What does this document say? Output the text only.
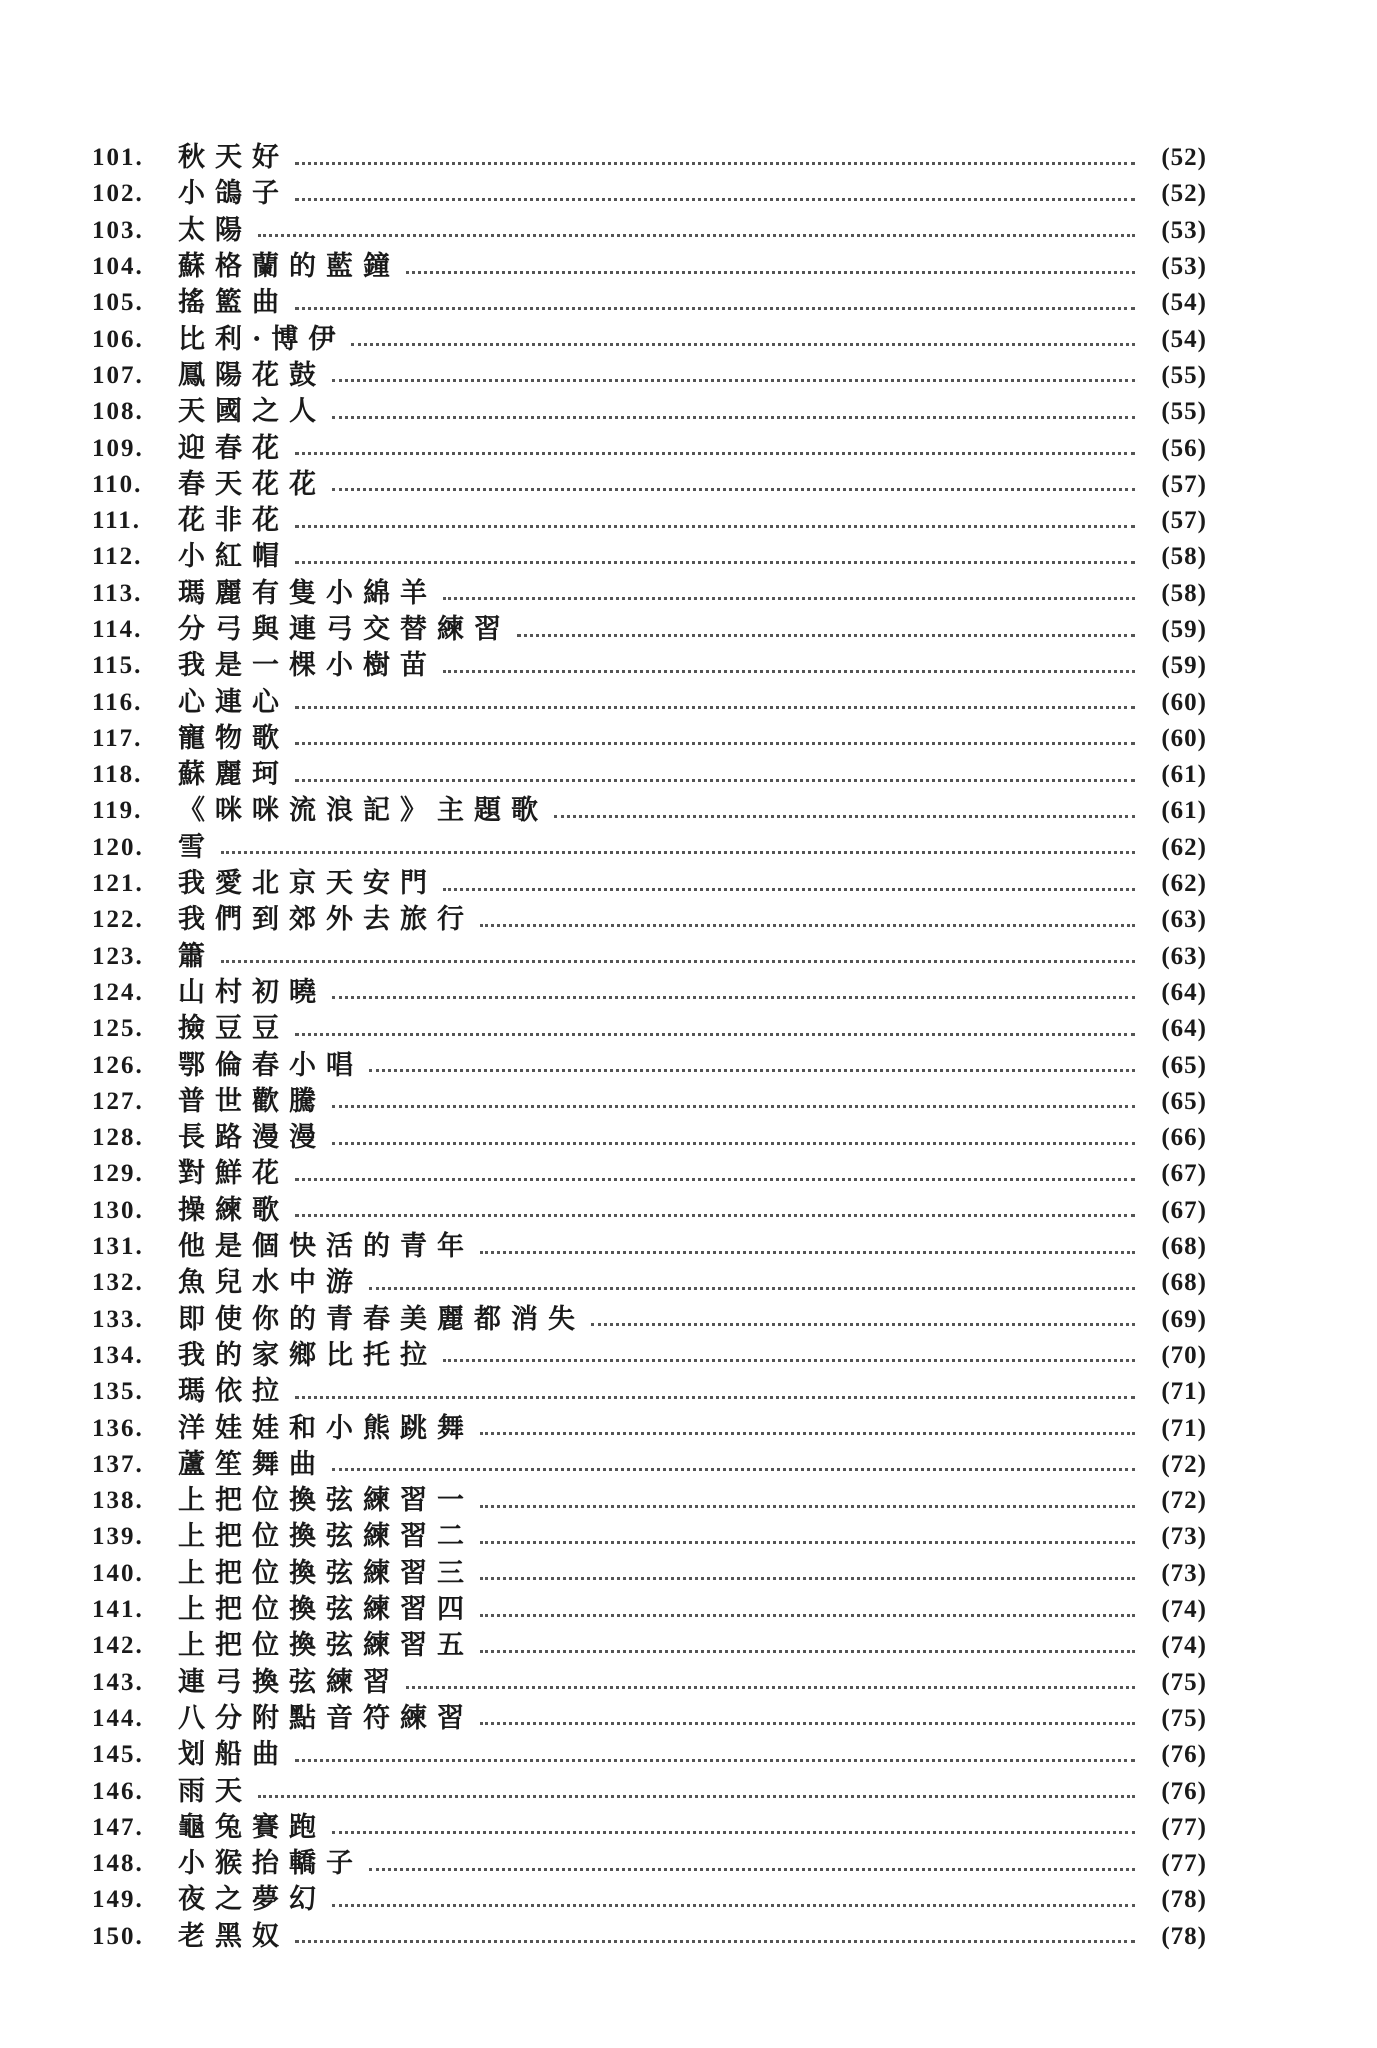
101.	秋天好	(52)
102.	小鴿子	(52)
103.	太陽	(53)
104.	蘇格蘭的藍鐘	(53)
105.	搖籃曲	(54)
106.	比利·博伊	(54)
107.	鳳陽花鼓	(55)
108.	天國之人	(55)
109.	迎春花	(56)
110.	春天花花	(57)
111.	花非花	(57)
112.	小紅帽	(58)
113.	瑪麗有隻小綿羊	(58)
114.	分弓與連弓交替練習	(59)
115.	我是一棵小樹苗	(59)
116.	心連心	(60)
117.	寵物歌	(60)
118.	蘇麗珂	(61)
119.	《咪咪流浪記》主題歌	(61)
120.	雪	(62)
121.	我愛北京天安門	(62)
122.	我們到郊外去旅行	(63)
123.	簫	(63)
124.	山村初曉	(64)
125.	撿豆豆	(64)
126.	鄂倫春小唱	(65)
127.	普世歡騰	(65)
128.	長路漫漫	(66)
129.	對鮮花	(67)
130.	操練歌	(67)
131.	他是個快活的青年	(68)
132.	魚兒水中游	(68)
133.	即使你的青春美麗都消失	(69)
134.	我的家鄉比托拉	(70)
135.	瑪依拉	(71)
136.	洋娃娃和小熊跳舞	(71)
137.	蘆笙舞曲	(72)
138.	上把位換弦練習一	(72)
139.	上把位換弦練習二	(73)
140.	上把位換弦練習三	(73)
141.	上把位換弦練習四	(74)
142.	上把位換弦練習五	(74)
143.	連弓換弦練習	(75)
144.	八分附點音符練習	(75)
145.	划船曲	(76)
146.	雨天	(76)
147.	龜兔賽跑	(77)
148.	小猴抬轎子	(77)
149.	夜之夢幻	(78)
150.	老黑奴	(78)
